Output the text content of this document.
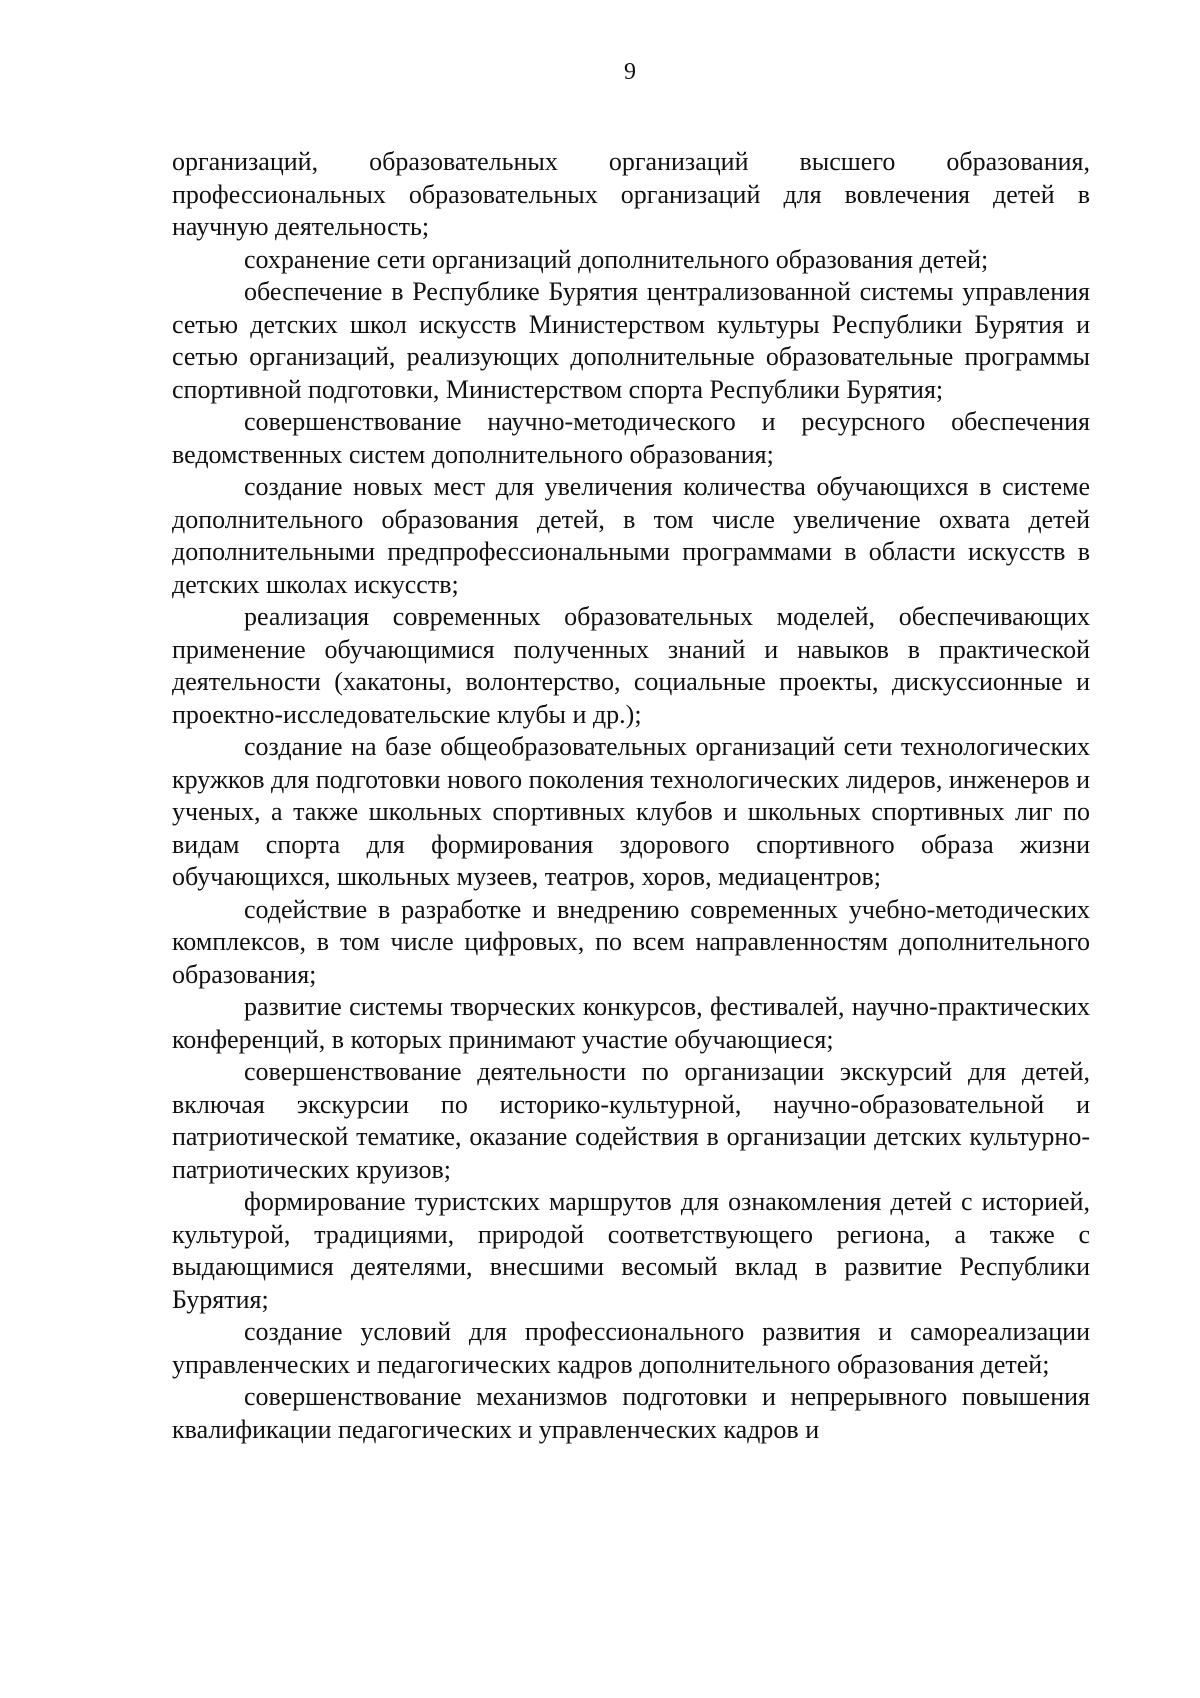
9

организаций, образовательных организаций высшего образования, профессиональных образовательных организаций для вовлечения детей в научную деятельность;

сохранение сети организаций дополнительного образования детей;

обеспечение в Республике Бурятия централизованной системы управления сетью детских школ искусств Министерством культуры Республики Бурятия и сетью организаций, реализующих дополнительные образовательные программы спортивной подготовки, Министерством спорта Республики Бурятия;

совершенствование научно-методического и ресурсного обеспечения ведомственных систем дополнительного образования;

создание новых мест для увеличения количества обучающихся в системе дополнительного образования детей, в том числе увеличение охвата детей дополнительными предпрофессиональными программами в области искусств в детских школах искусств;

реализация современных образовательных моделей, обеспечивающих применение обучающимися полученных знаний и навыков в практической деятельности (хакатоны, волонтерство, социальные проекты, дискуссионные и проектно-исследовательские клубы и др.);

создание на базе общеобразовательных организаций сети технологических кружков для подготовки нового поколения технологических лидеров, инженеров и ученых, а также школьных спортивных клубов и школьных спортивных лиг по видам спорта для формирования здорового спортивного образа жизни обучающихся, школьных музеев, театров, хоров, медиацентров;

содействие в разработке и внедрению современных учебно-методических комплексов, в том числе цифровых, по всем направленностям дополнительного образования;

развитие системы творческих конкурсов, фестивалей, научно-практических конференций, в которых принимают участие обучающиеся;

совершенствование деятельности по организации экскурсий для детей, включая экскурсии по историко-культурной, научно-образовательной и патриотической тематике, оказание содействия в организации детских культурно-патриотических круизов;

формирование туристских маршрутов для ознакомления детей с историей, культурой, традициями, природой соответствующего региона, а также с выдающимися деятелями, внесшими весомый вклад в развитие Республики Бурятия;

создание условий для профессионального развития и самореализации управленческих и педагогических кадров дополнительного образования детей;

совершенствование механизмов подготовки и непрерывного повышения квалификации педагогических и управленческих кадров и
